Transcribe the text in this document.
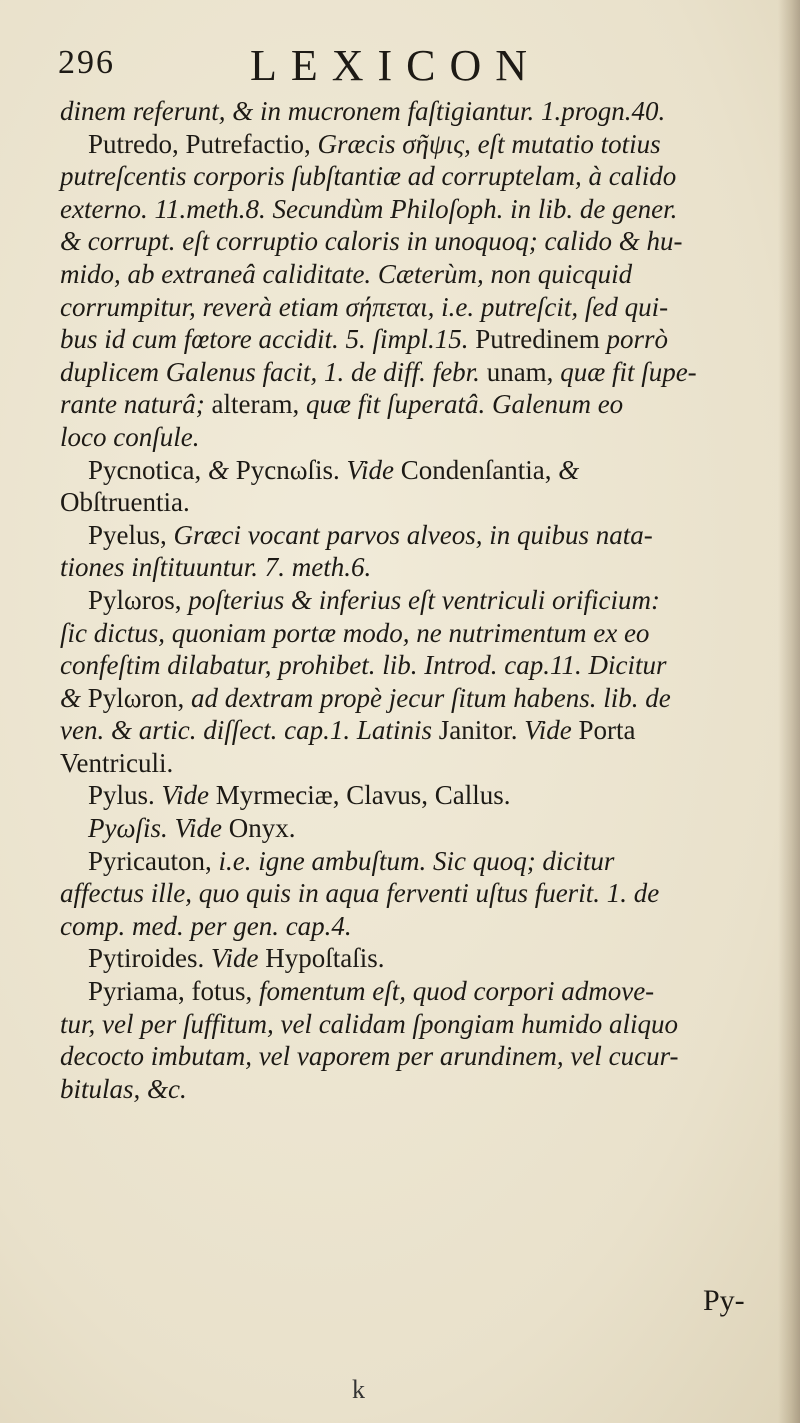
296	LEXICON
dinem referunt, & in mucronem faſtigiantur. 1.progn.40.
Putredo, Putrefactio, Græcis σῆψις, eſt mutatio totius
putreſcentis corporis ſubſtantiæ ad corruptelam, à calido
externo. 11.meth.8. Secundùm Philoſoph. in lib. de gener.
& corrupt. eſt corruptio caloris in unoquoq; calido & hu-
mido, ab extraneâ caliditate. Cæterùm, non quicquid
corrumpitur, reverà etiam σήπεται, i.e. putreſcit, ſed qui-
bus id cum fœtore accidit. 5. ſimpl.15. Putredinem porrò
duplicem Galenus facit, 1. de diff. febr. unam, quæ fit ſupe-
rante naturâ; alteram, quæ fit ſuperatâ. Galenum eo
loco conſule.
Pycnotica, & Pycnωſis. Vide Condenſantia, &
Obſtruentia.
Pyelus, Græci vocant parvos alveos, in quibus nata-
tiones inſtituuntur. 7. meth.6.
Pylωros, poſterius & inferius eſt ventriculi orificium:
ſic dictus, quoniam portæ modo, ne nutrimentum ex eo
confeſtim dilabatur, prohibet. lib. Introd. cap.11. Dicitur
& Pylωron, ad dextram propè jecur ſitum habens. lib. de
ven. & artic. diſſect. cap.1. Latinis Janitor. Vide Porta
Ventriculi.
Pylus. Vide Myrmeciæ, Clavus, Callus.
Pyωſis. Vide Onyx.
Pyricauton, i.e. igne ambuſtum. Sic quoq; dicitur
affectus ille, quo quis in aqua ferventi uſtus fuerit. 1. de
comp. med. per gen. cap.4.
Pytiroides. Vide Hypoſtaſis.
Pyriama, fotus, fomentum eſt, quod corpori admove-
tur, vel per ſuffitum, vel calidam ſpongiam humido aliquo
decocto imbutam, vel vaporem per arundinem, vel cucur-
bitulas, &c.
Py-
k
